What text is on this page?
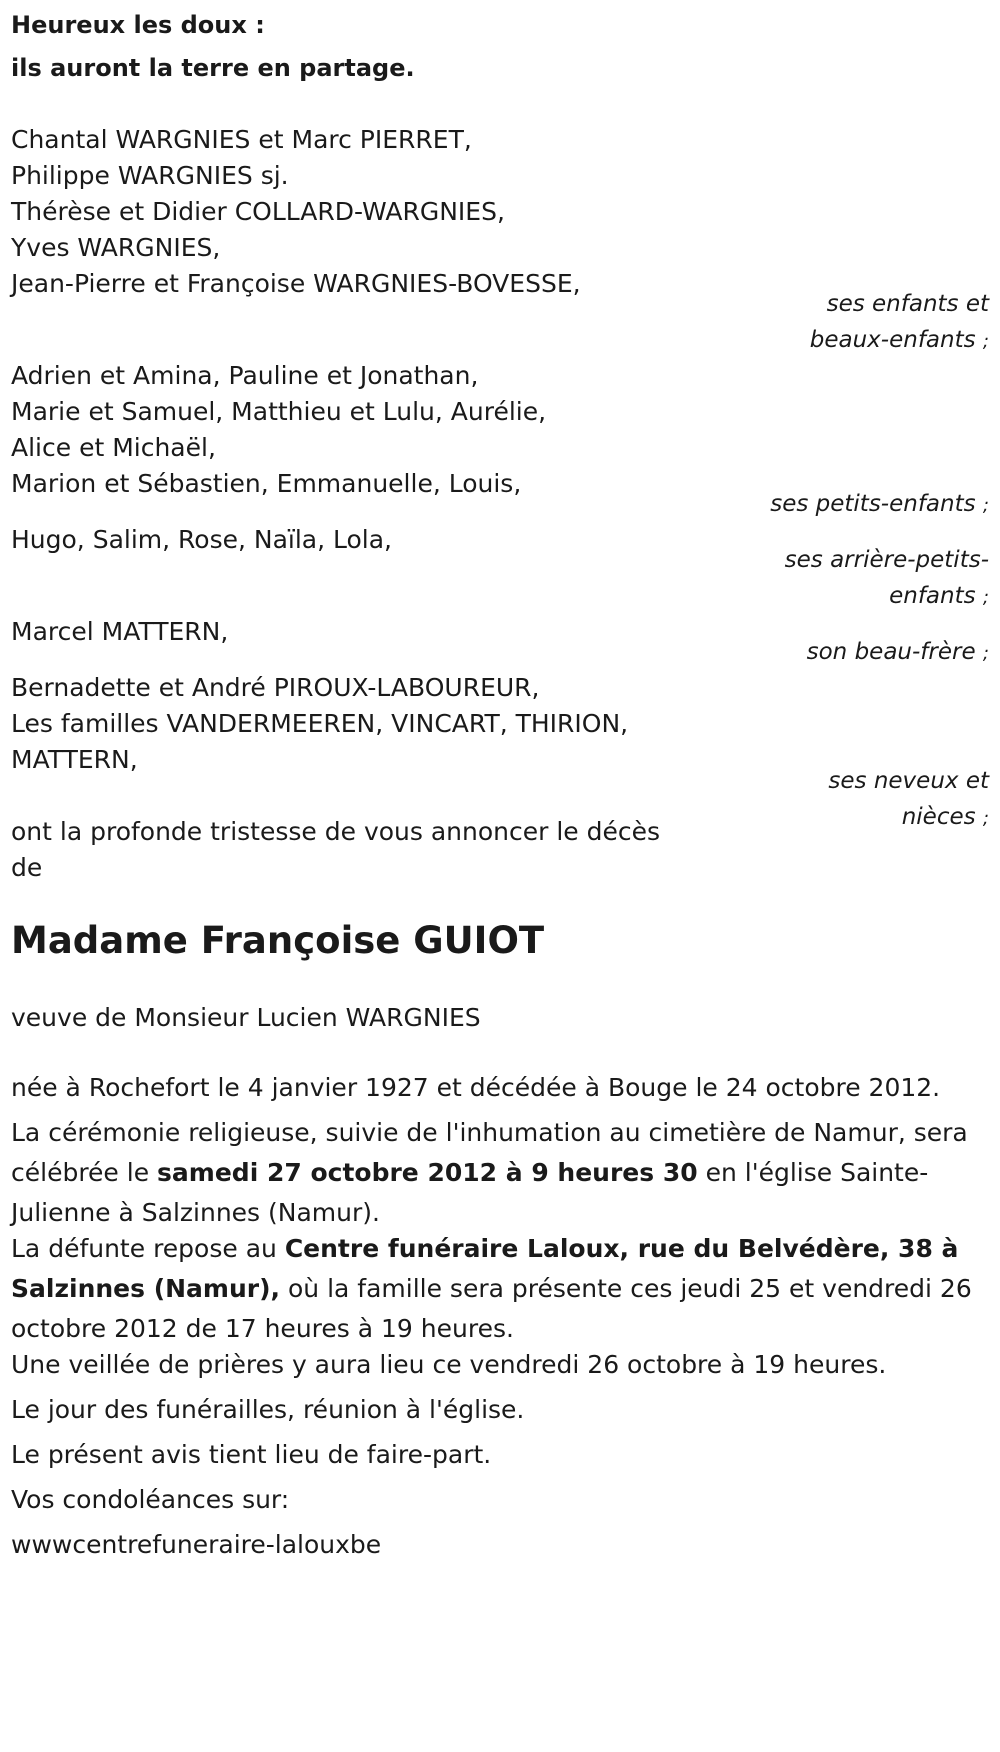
Heureux les doux :
ils auront la terre en partage.
Chantal WARGNIES et Marc PIERRET,
Philippe WARGNIES sj.
Thérèse et Didier COLLARD-WARGNIES,
Yves WARGNIES,
Jean-Pierre et Françoise WARGNIES-BOVESSE,
ses enfants et
beaux-enfants ;
Adrien et Amina, Pauline et Jonathan,
Marie et Samuel, Matthieu et Lulu, Aurélie,
Alice et Michaël,
Marion et Sébastien, Emmanuelle, Louis,
ses petits-enfants ;
Hugo, Salim, Rose, Naïla, Lola,
ses arrière-petits-
enfants ;
Marcel MATTERN,
son beau-frère ;
Bernadette et André PIROUX-LABOUREUR,
Les familles VANDERMEEREN, VINCART, THIRION,
MATTERN,
ses neveux et
nièces ;
ont la profonde tristesse de vous annoncer le décès
de
Madame Françoise GUIOT
veuve de Monsieur Lucien WARGNIES
née à Rochefort le 4 janvier 1927 et décédée à Bouge le 24 octobre 2012.
La cérémonie religieuse, suivie de l'inhumation au cimetière de Namur, sera célébrée le samedi 27 octobre 2012 à 9 heures 30 en l'église Sainte-Julienne à Salzinnes (Namur).
La défunte repose au Centre funéraire Laloux, rue du Belvédère, 38 à Salzinnes (Namur), où la famille sera présente ces jeudi 25 et vendredi 26 octobre 2012 de 17 heures à 19 heures.
Une veillée de prières y aura lieu ce vendredi 26 octobre à 19 heures.
Le jour des funérailles, réunion à l'église.
Le présent avis tient lieu de faire-part.
Vos condoléances sur:
wwwcentrefuneraire-lalouxbe
